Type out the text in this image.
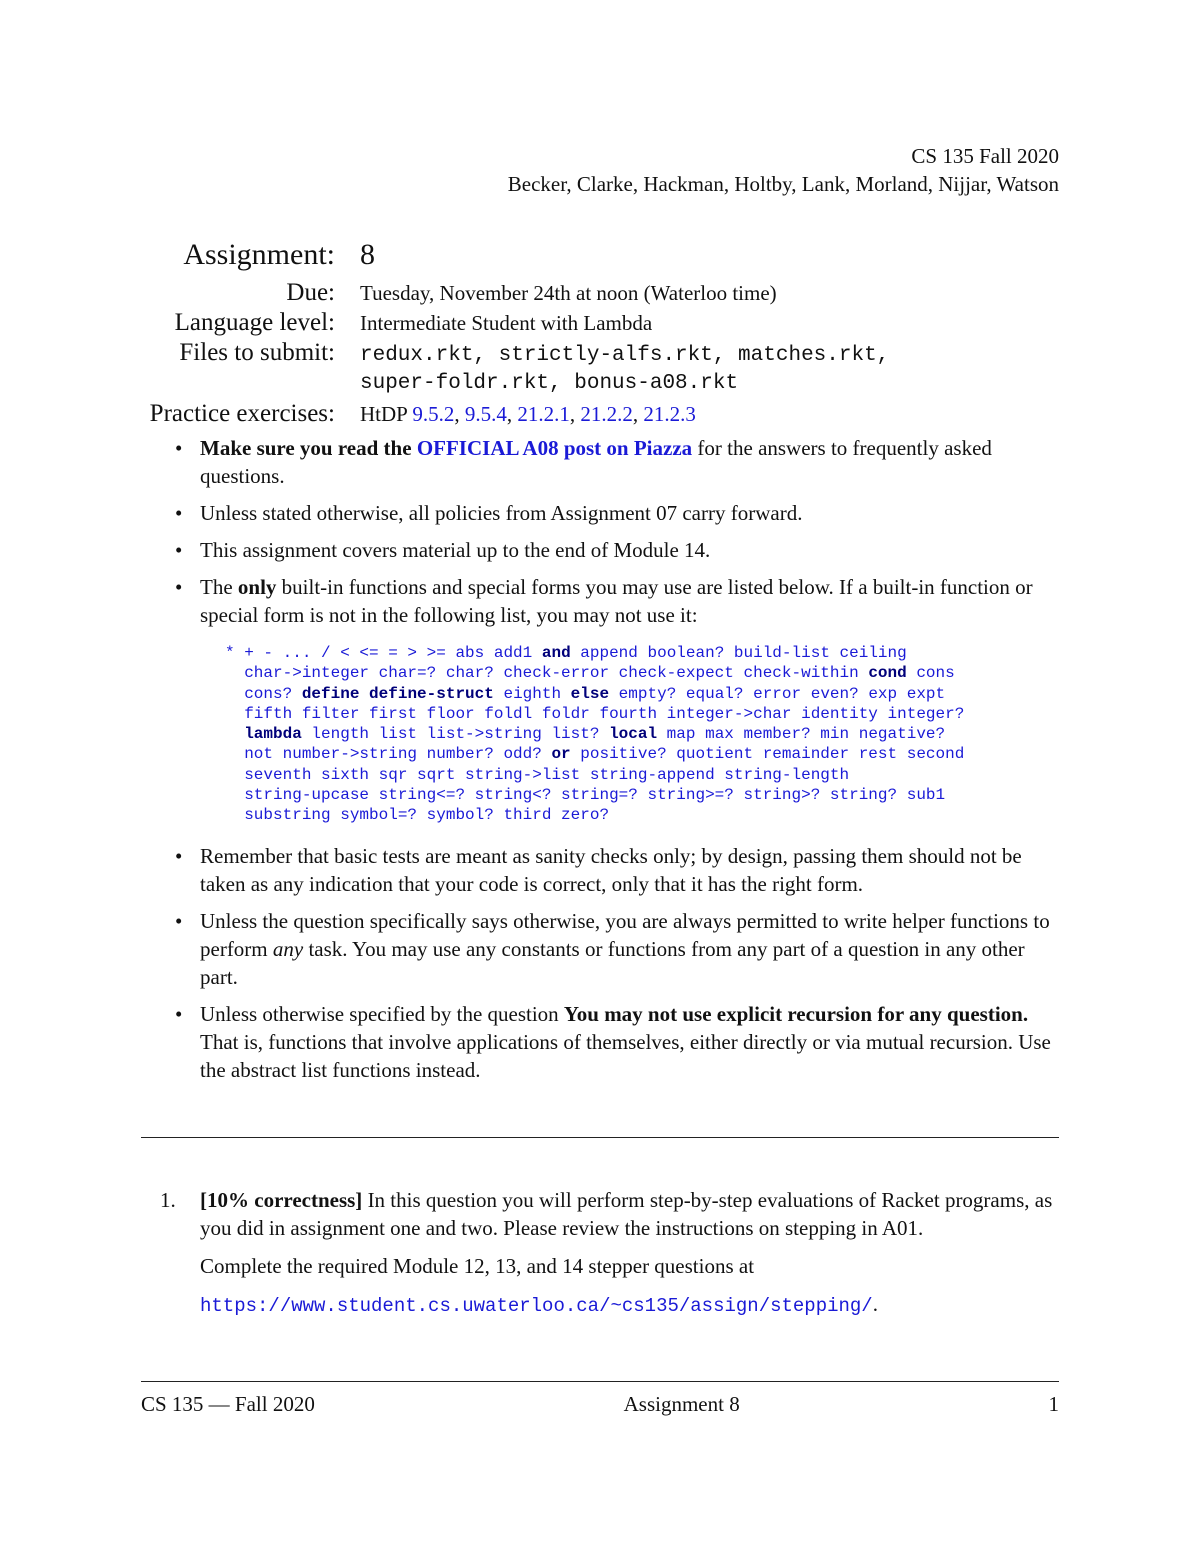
CS 135 Fall 2020
Becker, Clarke, Hackman, Holtby, Lank, Morland, Nijjar, Watson
Assignment: 8
Due:	Tuesday, November 24th at noon (Waterloo time)
Language level:	Intermediate Student with Lambda
Files to submit:	redux.rkt, strictly-alfs.rkt, matches.rkt,
super-foldr.rkt, bonus-a08.rkt
Practice exercises:	HtDP 9.5.2, 9.5.4, 21.2.1, 21.2.2, 21.2.3
• Make sure you read the OFFICIAL A08 post on Piazza for the answers to frequently asked questions.
• Unless stated otherwise, all policies from Assignment 07 carry forward.
• This assignment covers material up to the end of Module 14.
• The only built-in functions and special forms you may use are listed below. If a built-in function or special form is not in the following list, you may not use it:
* + - ... / < <= = > >= abs add1 and append boolean? build-list ceiling
char->integer char=? char? check-error check-expect check-within cond cons
cons? define define-struct eighth else empty? equal? error even? exp expt
fifth filter first floor foldl foldr fourth integer->char identity integer?
lambda length list list->string list? local map max member? min negative?
not number->string number? odd? or positive? quotient remainder rest second
seventh sixth sqr sqrt string->list string-append string-length
string-upcase string<=? string<? string=? string>=? string>? string? sub1
substring symbol=? symbol? third zero?
• Remember that basic tests are meant as sanity checks only; by design, passing them should not be taken as any indication that your code is correct, only that it has the right form.
• Unless the question specifically says otherwise, you are always permitted to write helper functions to perform any task. You may use any constants or functions from any part of a question in any other part.
• Unless otherwise specified by the question You may not use explicit recursion for any question. That is, functions that involve applications of themselves, either directly or via mutual recursion. Use the abstract list functions instead.
1. [10% correctness] In this question you will perform step-by-step evaluations of Racket programs, as you did in assignment one and two. Please review the instructions on stepping in A01.

Complete the required Module 12, 13, and 14 stepper questions at

https://www.student.cs.uwaterloo.ca/~cs135/assign/stepping/.

CS 135 — Fall 2020	Assignment 8	1
